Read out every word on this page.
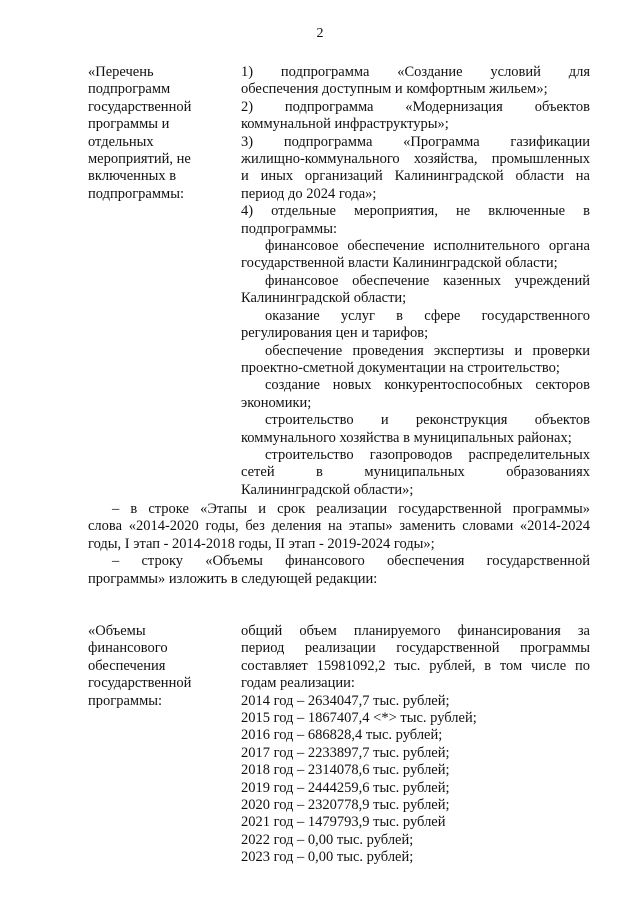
2
«Перечень
подпрограмм
государственной
программы и
отдельных
мероприятий, не
включенных в
подпрограммы:
1) подпрограмма «Создание условий для
обеспечения доступным и комфортным жильем»;
2) подпрограмма «Модернизация объектов
коммунальной инфраструктуры»;
3) подпрограмма «Программа газификации
жилищно-коммунального хозяйства, промышленных
и иных организаций Калининградской области на
период до 2024 года»;
4) отдельные мероприятия, не включенные в
подпрограммы:
финансовое обеспечение исполнительного органа
государственной власти Калининградской области;
финансовое обеспечение казенных учреждений
Калининградской области;
оказание услуг в сфере государственного
регулирования цен и тарифов;
обеспечение проведения экспертизы и проверки
проектно-сметной документации на строительство;
создание новых конкурентоспособных секторов
экономики;
строительство и реконструкция объектов
коммунального хозяйства в муниципальных районах;
строительство газопроводов распределительных
сетей в муниципальных образованиях
Калининградской области»;
– в строке «Этапы и срок реализации государственной программы»
слова «2014-2020 годы, без деления на этапы» заменить словами «2014-2024
годы, I этап - 2014-2018 годы, II этап - 2019-2024 годы»;
– строку «Объемы финансового обеспечения государственной
программы» изложить в следующей редакции:
«Объемы
финансового
обеспечения
государственной
программы:
общий объем планируемого финансирования за
период реализации государственной программы
составляет 15981092,2 тыс. рублей, в том числе по
годам реализации:
2014 год – 2634047,7 тыс. рублей;
2015 год – 1867407,4 <*> тыс. рублей;
2016 год – 686828,4 тыс. рублей;
2017 год – 2233897,7 тыс. рублей;
2018 год – 2314078,6 тыс. рублей;
2019 год – 2444259,6 тыс. рублей;
2020 год – 2320778,9 тыс. рублей;
2021 год – 1479793,9 тыс. рублей
2022 год – 0,00 тыс. рублей;
2023 год – 0,00 тыс. рублей;
